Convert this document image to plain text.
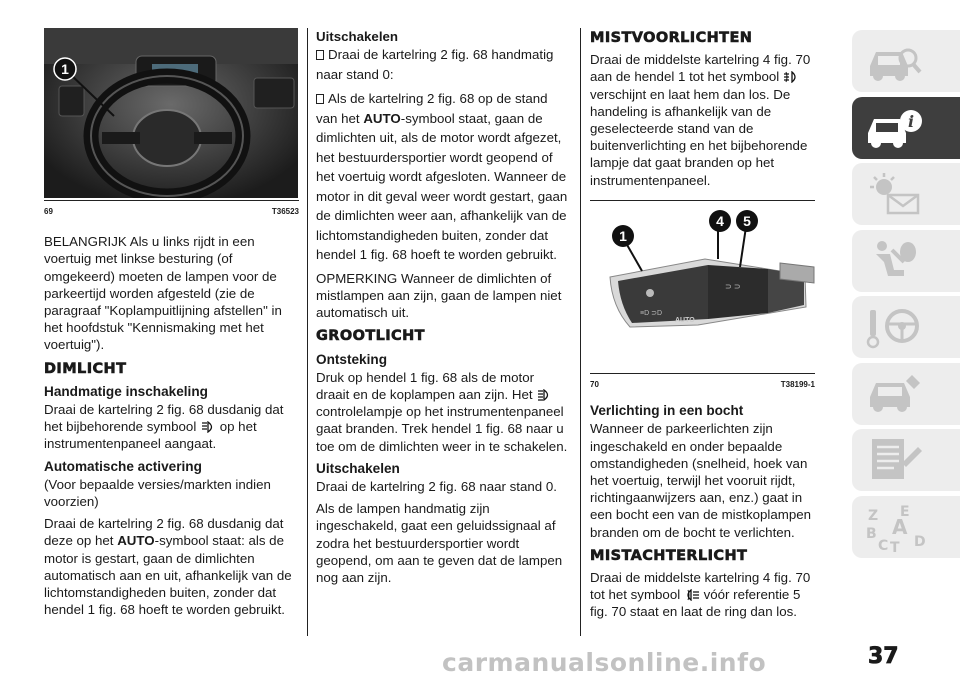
1
69	T36523

BELANGRIJK Als u links rijdt in een voertuig met linkse besturing (of omgekeerd) moeten de lampen voor de parkeertijd worden afgesteld (zie de paragraaf "Koplampuitlijning afstellen" in het hoofdstuk "Kennismaking met het voertuig").

DIMLICHT
Handmatige inschakeling

Draai de kartelring 2 fig. 68 dusdanig dat het bijbehorende symbool op het instrumentenpaneel aangaat.

Automatische activering

(Voor bepaalde versies/markten indien voorzien)

Draai de kartelring 2 fig. 68 dusdanig dat deze op het AUTO-symbool staat: als de motor is gestart, gaan de dimlichten automatisch aan en uit, afhankelijk van de lichtomstandigheden buiten, zonder dat hendel 1 fig. 68 hoeft te worden gebruikt.

Uitschakelen

Draai de kartelring 2 fig. 68 handmatig naar stand 0:

Als de kartelring 2 fig. 68 op de stand van het AUTO-symbool staat, gaan de dimlichten uit, als de motor wordt afgezet, het bestuurdersportier wordt geopend of het voertuig wordt afgesloten. Wanneer de motor in dit geval weer wordt gestart, gaan de dimlichten weer aan, afhankelijk van de lichtomstandigheden buiten, zonder dat hendel 1 fig. 68 hoeft te worden gebruikt.

OPMERKING Wanneer de dimlichten of mistlampen aan zijn, gaan de lampen niet automatisch uit.

GROOTLICHT
Ontsteking

Druk op hendel 1 fig. 68 als de motor draait en de koplampen aan zijn. Het  controlelampje op het instrumentenpaneel gaat branden. Trek hendel 1 fig. 68 naar u toe om de dimlichten weer in te schakelen.

Uitschakelen

Draai de kartelring 2 fig. 68 naar stand 0.

Als de lampen handmatig zijn ingeschakeld, gaat een geluidssignaal af zodra het bestuurdersportier wordt geopend, om aan te geven dat de lampen nog aan zijn.

MISTVOORLICHTEN

Draai de middelste kartelring 4 fig. 70 aan de hendel 1 tot het symbool  verschijnt en laat hem dan los. De handeling is afhankelijk van de geselecteerde stand van de buitenverlichting en het bijbehorende lampje dat gaat branden op het instrumentenpaneel.

≡D ⊃D
AUTO
⊃ ⊃
1
4 5
70	T38199-1
Verlichting in een bocht

Wanneer de parkeerlichten zijn ingeschakeld en onder bepaalde omstandigheden (snelheid, hoek van het voertuig, terwijl het vooruit rijdt, richtingaanwijzers aan, enz.) gaat in een bocht een van de mistkoplampen branden om de bocht te verlichten.

MISTACHTERLICHT

Draai de middelste kartelring 4 fig. 70 tot het symbool vóór referentie 5 fig. 70 staat en laat de ring dan los.

i
Z E
B A
C T D
carmanualsonline.info	37
